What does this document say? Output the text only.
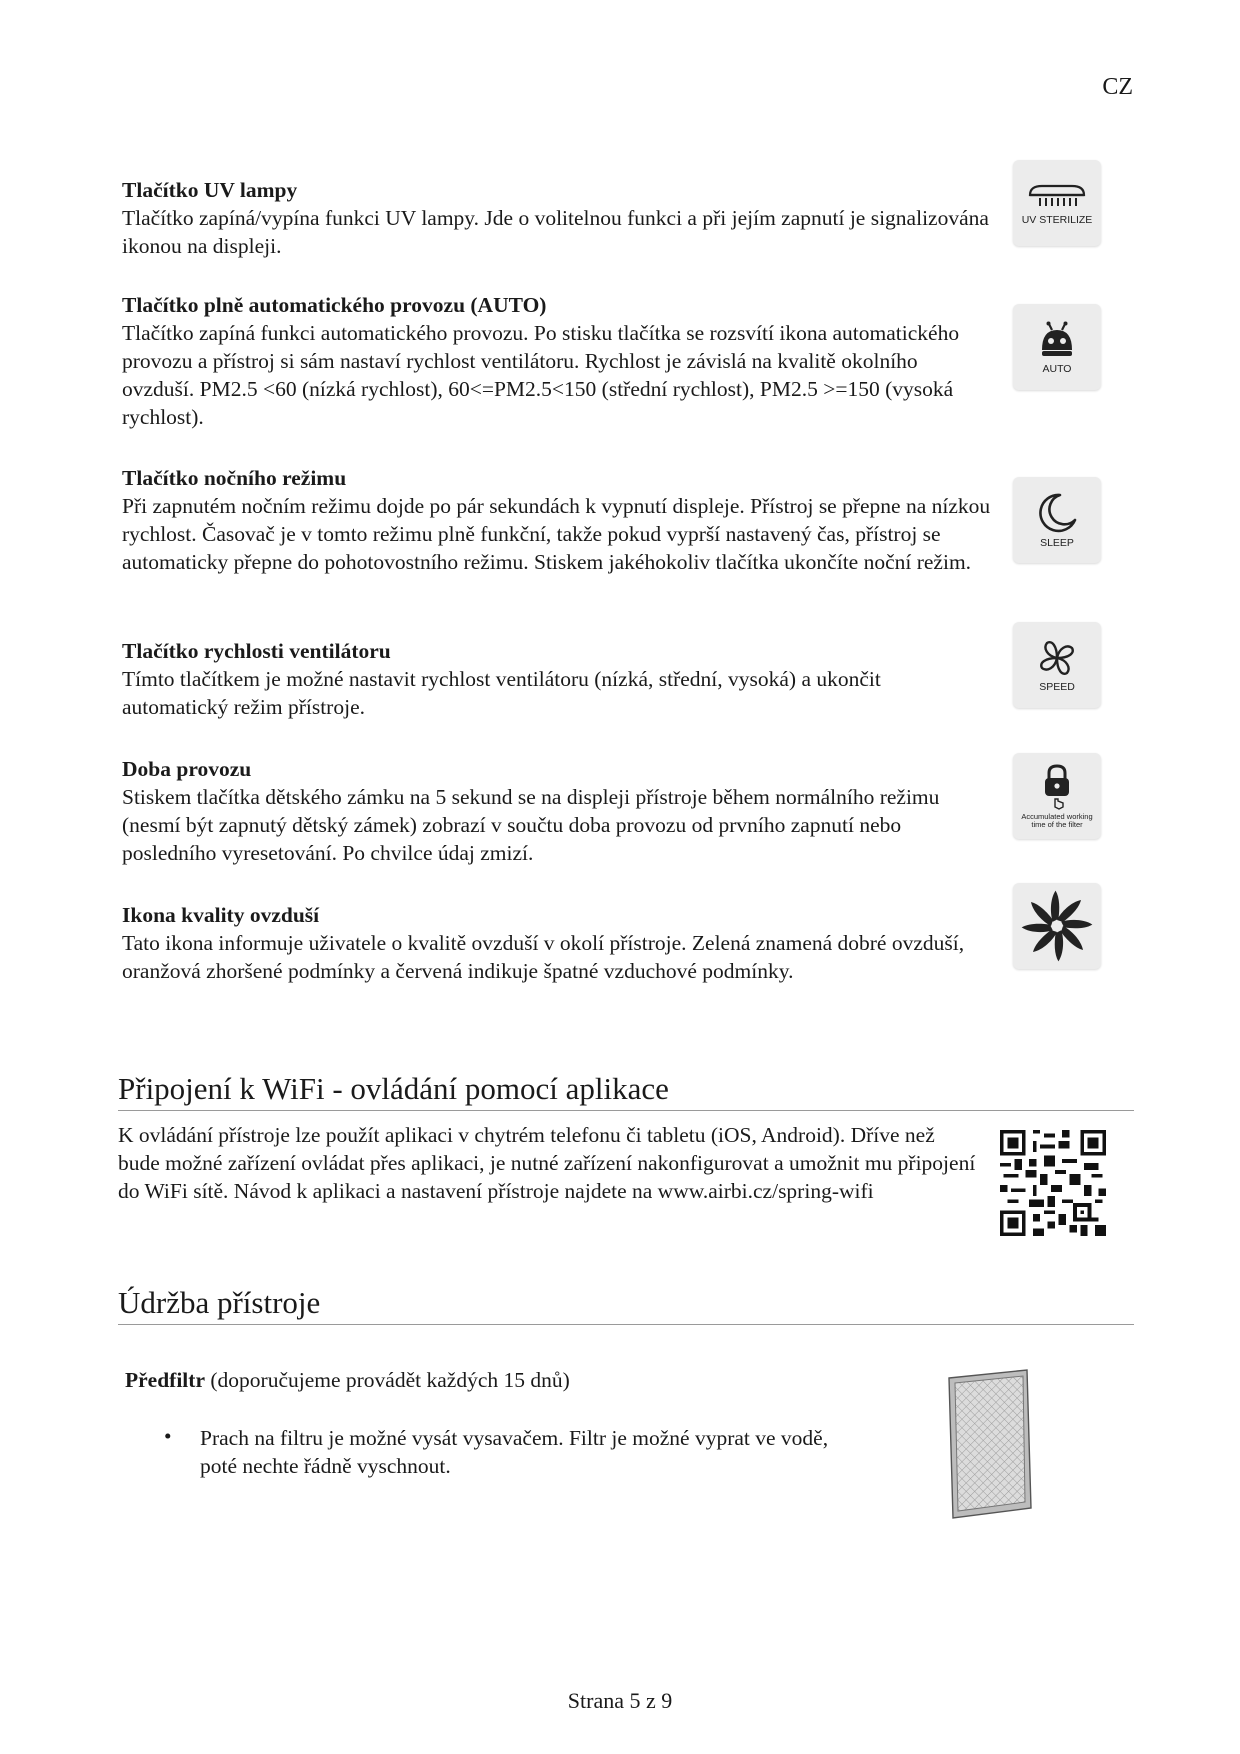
CZ
Tlačítko UV lampy
Tlačítko zapíná/vypína funkci UV lampy. Jde o volitelnou funkci a při jejím zapnutí je signalizována ikonou na displeji.
UV STERILIZE
Tlačítko plně automatického provozu (AUTO)
Tlačítko zapíná funkci automatického provozu. Po stisku tlačítka se rozsvítí ikona automatického provozu a přístroj si sám nastaví rychlost ventilátoru. Rychlost je závislá na kvalitě okolního ovzduší. PM2.5 <60 (nízká rychlost), 60<=PM2.5<150 (střední rychlost), PM2.5 >=150 (vysoká rychlost).
AUTO
Tlačítko nočního režimu
Při zapnutém nočním režimu dojde po pár sekundách k vypnutí displeje. Přístroj se přepne na nízkou rychlost. Časovač je v tomto režimu plně funkční, takže pokud vyprší nastavený čas, přístroj se automaticky přepne do pohotovostního režimu. Stiskem jakéhokoliv tlačítka ukončíte noční režim.
SLEEP
Tlačítko rychlosti ventilátoru
Tímto tlačítkem je možné nastavit rychlost ventilátoru (nízká, střední, vysoká) a ukončit automatický režim přístroje.
SPEED
Doba provozu
Stiskem tlačítka dětského zámku na 5 sekund se na displeji přístroje během normálního režimu (nesmí být zapnutý dětský zámek) zobrazí v součtu doba provozu od prvního zapnutí nebo posledního vyresetování. Po chvilce údaj zmizí.
Accumulated working time of the filter
Ikona kvality ovzduší
Tato ikona informuje uživatele o kvalitě ovzduší v okolí přístroje. Zelená znamená dobré ovzduší, oranžová zhoršené podmínky a červená indikuje špatné vzduchové podmínky.
Připojení k WiFi - ovládání pomocí aplikace
K ovládání přístroje lze použít aplikaci v chytrém telefonu či tabletu (iOS, Android). Dříve než bude možné zařízení ovládat přes aplikaci, je nutné zařízení nakonfigurovat a umožnit mu připojení do WiFi sítě. Návod k aplikaci a nastavení přístroje najdete na www.airbi.cz/spring-wifi
Údržba přístroje
Předfiltr (doporučujeme provádět každých 15 dnů)
• Prach na filtru je možné vysát vysavačem. Filtr je možné vyprat ve vodě, poté nechte řádně vyschnout.
Strana 5 z 9
